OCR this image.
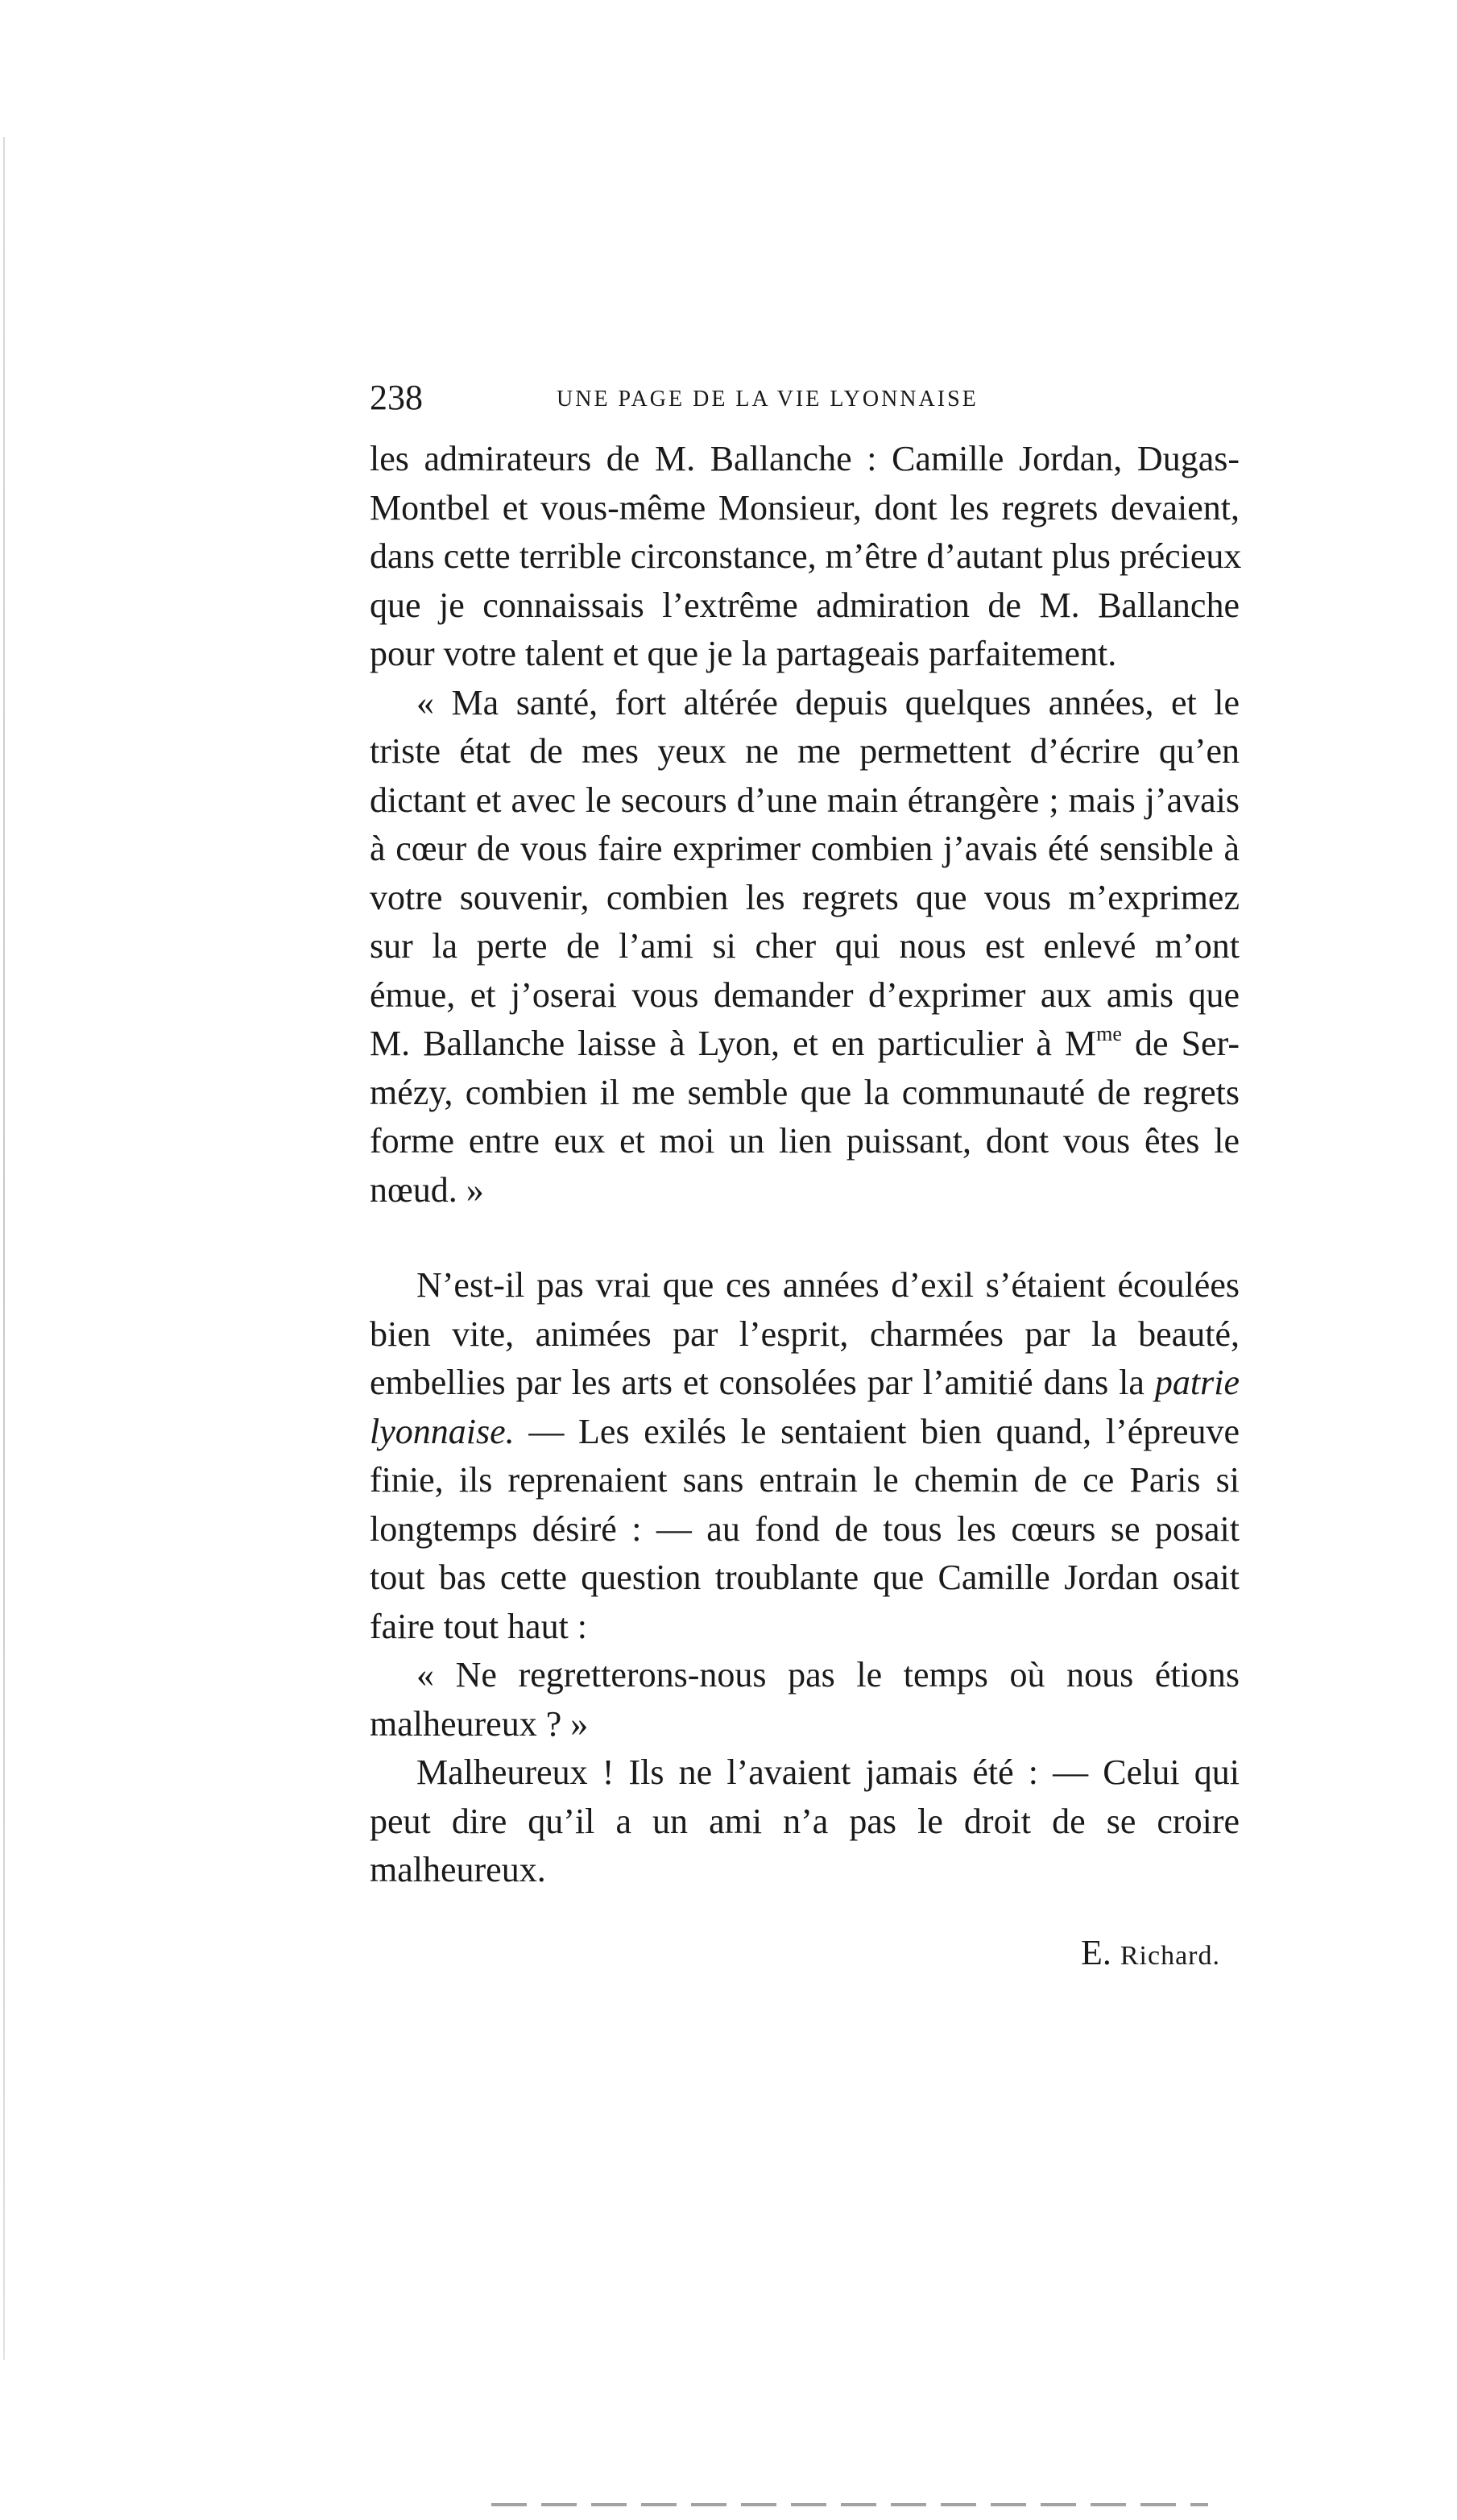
238	UNE PAGE DE LA VIE LYONNAISE

les admirateurs de M. Ballanche : Camille Jordan, Dugas-
Montbel et vous-même Monsieur, dont les regrets devaient,
dans cette terrible circonstance, m’être d’autant plus précieux
que je connaissais l’extrême admiration de M. Ballanche
pour votre talent et que je la partageais parfaitement.

« Ma santé, fort altérée depuis quelques années, et le
triste état de mes yeux ne me permettent d’écrire qu’en
dictant et avec le secours d’une main étrangère ; mais j’avais
à cœur de vous faire exprimer combien j’avais été sensible à
votre souvenir, combien les regrets que vous m’exprimez
sur la perte de l’ami si cher qui nous est enlevé m’ont
émue, et j’oserai vous demander d’exprimer aux amis que
M. Ballanche laisse à Lyon, et en particulier à $M^{me}$ de Ser-
mézy, combien il me semble que la communauté de regrets
forme entre eux et moi un lien puissant, dont vous êtes le
nœud. »

N’est-il pas vrai que ces années d’exil s’étaient écoulées
bien vite, animées par l’esprit, charmées par la beauté,
embellies par les arts et consolées par l’amitié dans la patrie
lyonnaise. — Les exilés le sentaient bien quand, l’épreuve
finie, ils reprenaient sans entrain le chemin de ce Paris si
longtemps désiré : — au fond de tous les cœurs se posait
tout bas cette question troublante que Camille Jordan osait
faire tout haut :

« Ne regretterons-nous pas le temps où nous étions
malheureux ? »

Malheureux ! Ils ne l’avaient jamais été : — Celui qui
peut dire qu’il a un ami n’a pas le droit de se croire
malheureux.

E. Richard.
